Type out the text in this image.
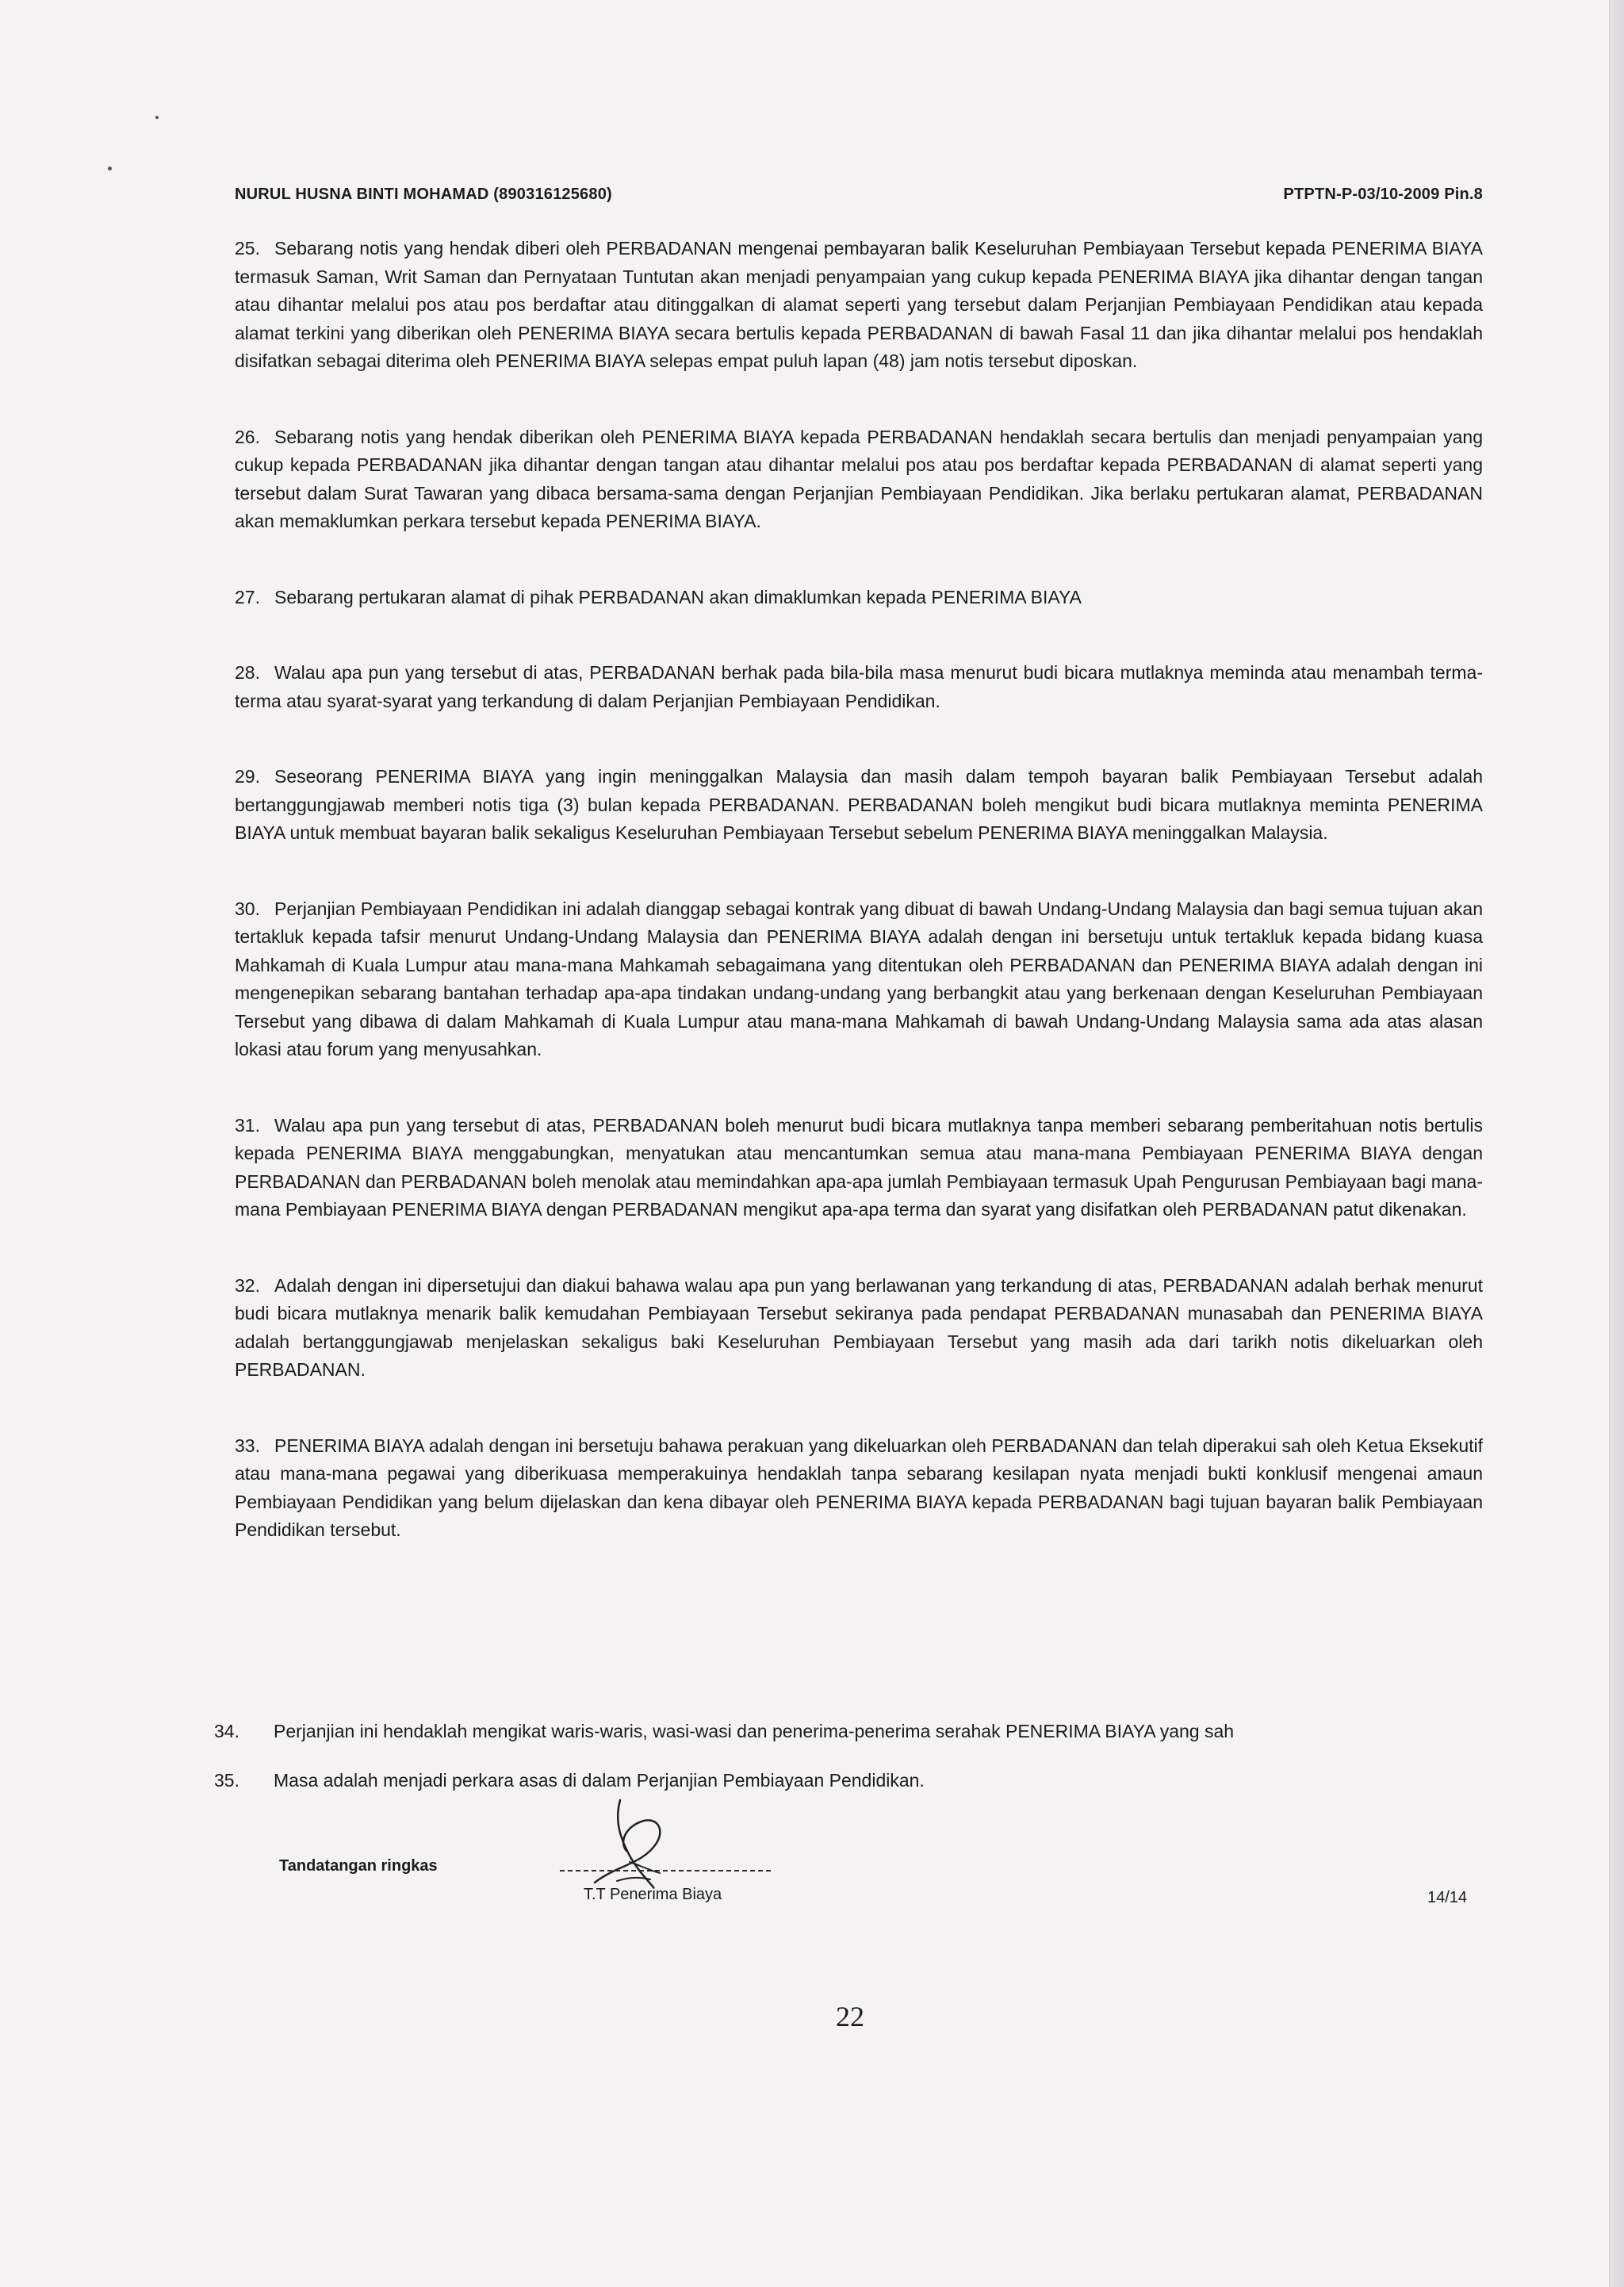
NURUL HUSNA BINTI MOHAMAD (890316125680)	PTPTN-P-03/10-2009 Pin.8

25. Sebarang notis yang hendak diberi oleh PERBADANAN mengenai pembayaran balik Keseluruhan Pembiayaan Tersebut kepada PENERIMA BIAYA termasuk Saman, Writ Saman dan Pernyataan Tuntutan akan menjadi penyampaian yang cukup kepada PENERIMA BIAYA jika dihantar dengan tangan atau dihantar melalui pos atau pos berdaftar atau ditinggalkan di alamat seperti yang tersebut dalam Perjanjian Pembiayaan Pendidikan atau kepada alamat terkini yang diberikan oleh PENERIMA BIAYA secara bertulis kepada PERBADANAN di bawah Fasal 11 dan jika dihantar melalui pos hendaklah disifatkan sebagai diterima oleh PENERIMA BIAYA selepas empat puluh lapan (48) jam notis tersebut diposkan.

26. Sebarang notis yang hendak diberikan oleh PENERIMA BIAYA kepada PERBADANAN hendaklah secara bertulis dan menjadi penyampaian yang cukup kepada PERBADANAN jika dihantar dengan tangan atau dihantar melalui pos atau pos berdaftar kepada PERBADANAN di alamat seperti yang tersebut dalam Surat Tawaran yang dibaca bersama-sama dengan Perjanjian Pembiayaan Pendidikan. Jika berlaku pertukaran alamat, PERBADANAN akan memaklumkan perkara tersebut kepada PENERIMA BIAYA.

27. Sebarang pertukaran alamat di pihak PERBADANAN akan dimaklumkan kepada PENERIMA BIAYA

28. Walau apa pun yang tersebut di atas, PERBADANAN berhak pada bila-bila masa menurut budi bicara mutlaknya meminda atau menambah terma-terma atau syarat-syarat yang terkandung di dalam Perjanjian Pembiayaan Pendidikan.

29. Seseorang PENERIMA BIAYA yang ingin meninggalkan Malaysia dan masih dalam tempoh bayaran balik Pembiayaan Tersebut adalah bertanggungjawab memberi notis tiga (3) bulan kepada PERBADANAN. PERBADANAN boleh mengikut budi bicara mutlaknya meminta PENERIMA BIAYA untuk membuat bayaran balik sekaligus Keseluruhan Pembiayaan Tersebut sebelum PENERIMA BIAYA meninggalkan Malaysia.

30. Perjanjian Pembiayaan Pendidikan ini adalah dianggap sebagai kontrak yang dibuat di bawah Undang-Undang Malaysia dan bagi semua tujuan akan tertakluk kepada tafsir menurut Undang-Undang Malaysia dan PENERIMA BIAYA adalah dengan ini bersetuju untuk tertakluk kepada bidang kuasa Mahkamah di Kuala Lumpur atau mana-mana Mahkamah sebagaimana yang ditentukan oleh PERBADANAN dan PENERIMA BIAYA adalah dengan ini mengenepikan sebarang bantahan terhadap apa-apa tindakan undang-undang yang berbangkit atau yang berkenaan dengan Keseluruhan Pembiayaan Tersebut yang dibawa di dalam Mahkamah di Kuala Lumpur atau mana-mana Mahkamah di bawah Undang-Undang Malaysia sama ada atas alasan lokasi atau forum yang menyusahkan.

31. Walau apa pun yang tersebut di atas, PERBADANAN boleh menurut budi bicara mutlaknya tanpa memberi sebarang pemberitahuan notis bertulis kepada PENERIMA BIAYA menggabungkan, menyatukan atau mencantumkan semua atau mana-mana Pembiayaan PENERIMA BIAYA dengan PERBADANAN dan PERBADANAN boleh menolak atau memindahkan apa-apa jumlah Pembiayaan termasuk Upah Pengurusan Pembiayaan bagi mana-mana Pembiayaan PENERIMA BIAYA dengan PERBADANAN mengikut apa-apa terma dan syarat yang disifatkan oleh PERBADANAN patut dikenakan.

32. Adalah dengan ini dipersetujui dan diakui bahawa walau apa pun yang berlawanan yang terkandung di atas, PERBADANAN adalah berhak menurut budi bicara mutlaknya menarik balik kemudahan Pembiayaan Tersebut sekiranya pada pendapat PERBADANAN munasabah dan PENERIMA BIAYA adalah bertanggungjawab menjelaskan sekaligus baki Keseluruhan Pembiayaan Tersebut yang masih ada dari tarikh notis dikeluarkan oleh PERBADANAN.

33. PENERIMA BIAYA adalah dengan ini bersetuju bahawa perakuan yang dikeluarkan oleh PERBADANAN dan telah diperakui sah oleh Ketua Eksekutif atau mana-mana pegawai yang diberikuasa memperakuinya hendaklah tanpa sebarang kesilapan nyata menjadi bukti konklusif mengenai amaun Pembiayaan Pendidikan yang belum dijelaskan dan kena dibayar oleh PENERIMA BIAYA kepada PERBADANAN bagi tujuan bayaran balik Pembiayaan Pendidikan tersebut.

34. Perjanjian ini hendaklah mengikat waris-waris, wasi-wasi dan penerima-penerima serahak PENERIMA BIAYA yang sah
35. Masa adalah menjadi perkara asas di dalam Perjanjian Pembiayaan Pendidikan.
Tandatangan ringkas
T.T Penerima Biaya	14/14
22
